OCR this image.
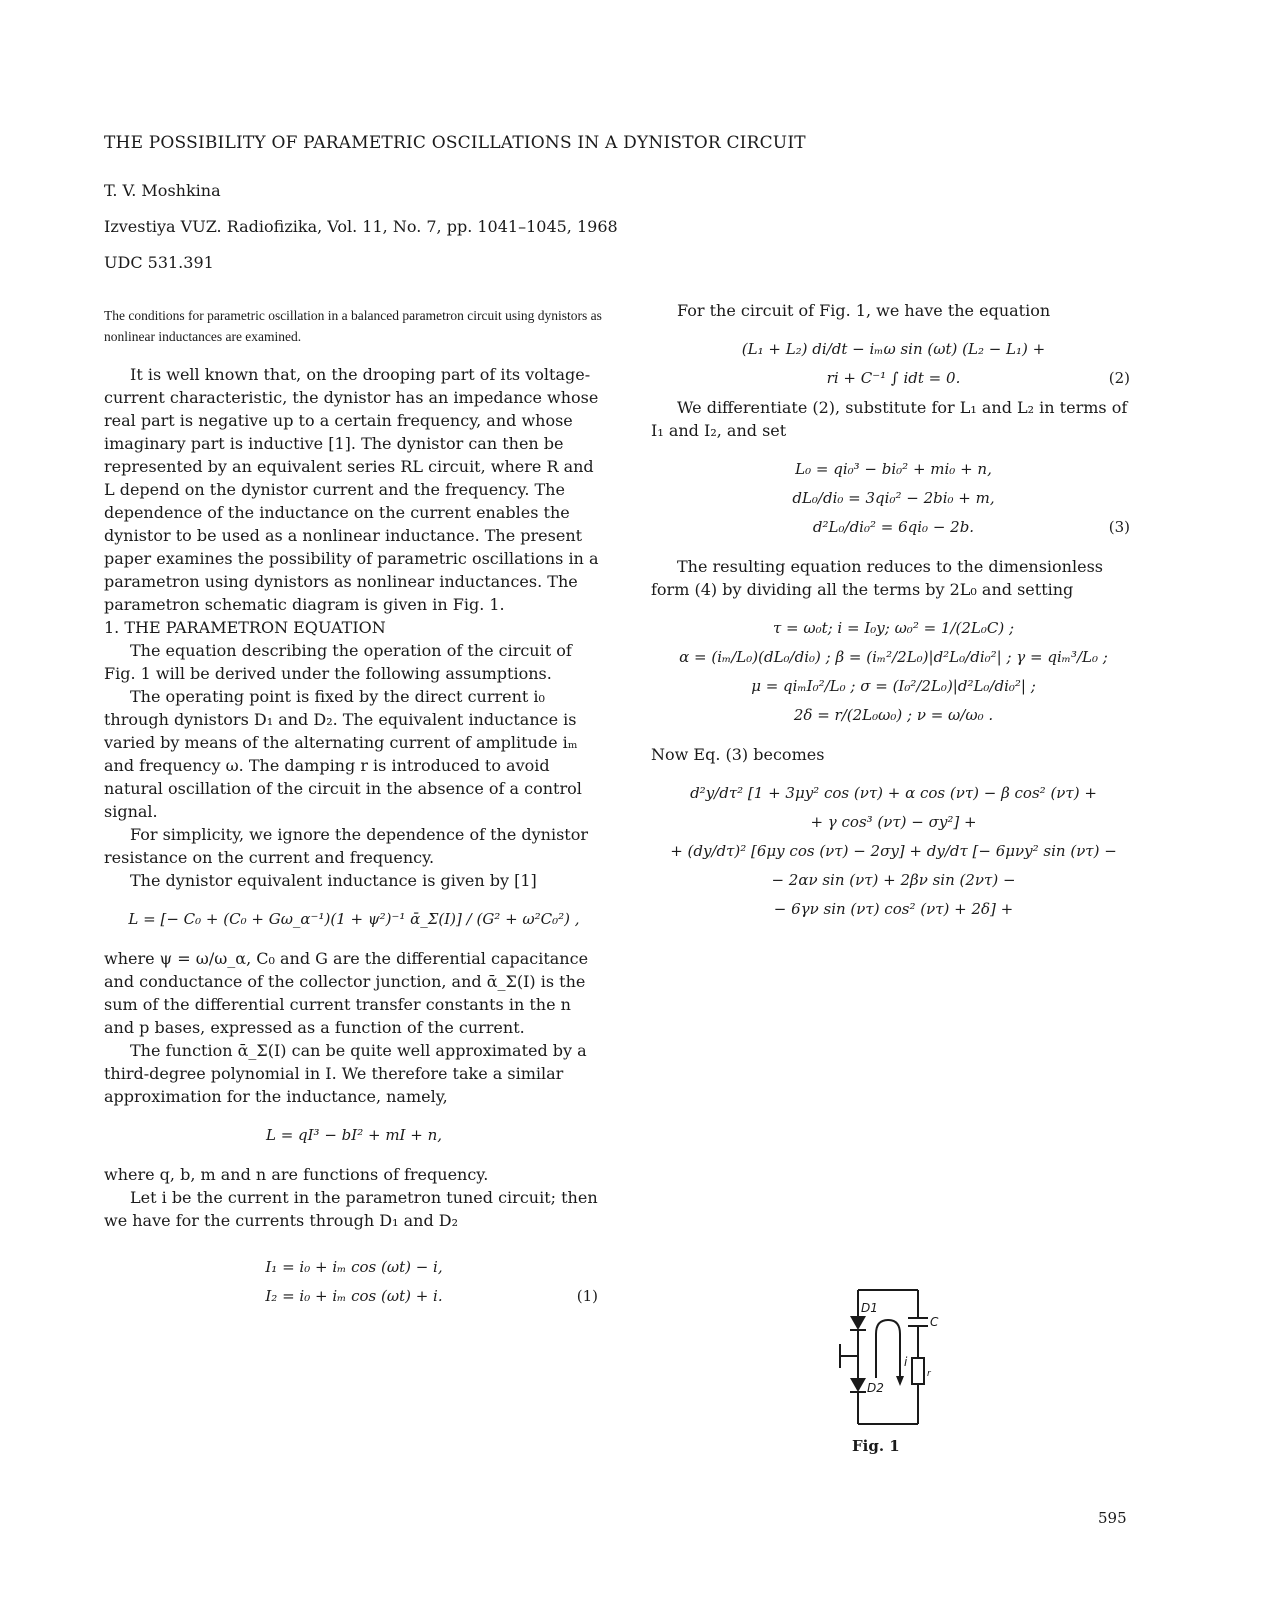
THE POSSIBILITY OF PARAMETRIC OSCILLATIONS IN A DYNISTOR CIRCUIT
T. V. Moshkina
Izvestiya VUZ. Radiofizika, Vol. 11, No. 7, pp. 1041–1045, 1968
UDC 531.391
The conditions for parametric oscillation in a balanced parametron circuit using dynistors as nonlinear inductances are examined.

It is well known that, on the drooping part of its voltage-current characteristic, the dynistor has an impedance whose real part is negative up to a certain frequency, and whose imaginary part is inductive [1]. The dynistor can then be represented by an equivalent series RL circuit, where R and L depend on the dynistor current and the frequency. The dependence of the inductance on the current enables the dynistor to be used as a nonlinear inductance. The present paper examines the possibility of parametric oscillations in a parametron using dynistors as nonlinear inductances. The parametron schematic diagram is given in Fig. 1.

1. THE PARAMETRON EQUATION

The equation describing the operation of the circuit of Fig. 1 will be derived under the following assumptions.

The operating point is fixed by the direct current i₀ through dynistors D₁ and D₂. The equivalent inductance is varied by means of the alternating current of amplitude iₘ and frequency ω. The damping r is introduced to avoid natural oscillation of the circuit in the absence of a control signal.

For simplicity, we ignore the dependence of the dynistor resistance on the current and frequency.

The dynistor equivalent inductance is given by [1]

L = [− C₀ + (C₀ + Gω_α⁻¹)(1 + ψ²)⁻¹ ᾱ_Σ(I)] / (G² + ω²C₀²) ,

where ψ = ω/ω_α, C₀ and G are the differential capacitance and conductance of the collector junction, and ᾱ_Σ(I) is the sum of the differential current transfer constants in the n and p bases, expressed as a function of the current.

The function ᾱ_Σ(I) can be quite well approximated by a third-degree polynomial in I. We therefore take a similar approximation for the inductance, namely,

L = qI³ − bI² + mI + n,

where q, b, m and n are functions of frequency.

Let i be the current in the parametron tuned circuit; then we have for the currents through D₁ and D₂

I₁ = i₀ + iₘ cos (ωt) − i,
I₂ = i₀ + iₘ cos (ωt) + i.	(1)

For the circuit of Fig. 1, we have the equation

(L₁ + L₂) di/dt − iₘω sin (ωt) (L₂ − L₁) +
ri + C⁻¹ ∫ idt = 0.	(2)

We differentiate (2), substitute for L₁ and L₂ in terms of I₁ and I₂, and set

L₀ = qi₀³ − bi₀² + mi₀ + n,
dL₀/di₀ = 3qi₀² − 2bi₀ + m,
d²L₀/di₀² = 6qi₀ − 2b.	(3)

The resulting equation reduces to the dimensionless form (4) by dividing all the terms by 2L₀ and setting

τ = ω₀t; i = I₀y; ω₀² = 1/(2L₀C) ;
α = (iₘ/L₀)(dL₀/di₀) ; β = (iₘ²/2L₀)|d²L₀/di₀²| ; γ = qiₘ³/L₀ ;
μ = qiₘI₀²/L₀ ; σ = (I₀²/2L₀)|d²L₀/di₀²| ;
2δ = r/(2L₀ω₀) ; ν = ω/ω₀ .

Now Eq. (3) becomes

d²y/dτ² [1 + 3μy² cos (ντ) + α cos (ντ) − β cos² (ντ) +
+ γ cos³ (ντ) − σy²] +
+ (dy/dτ)² [6μy cos (ντ) − 2σy] + dy/dτ [− 6μνy² sin (ντ) −
− 2αν sin (ντ) + 2βν sin (2ντ) −
− 6γν sin (ντ) cos² (ντ) + 2δ] +
D1
D2
C
i
r
Fig. 1
595
